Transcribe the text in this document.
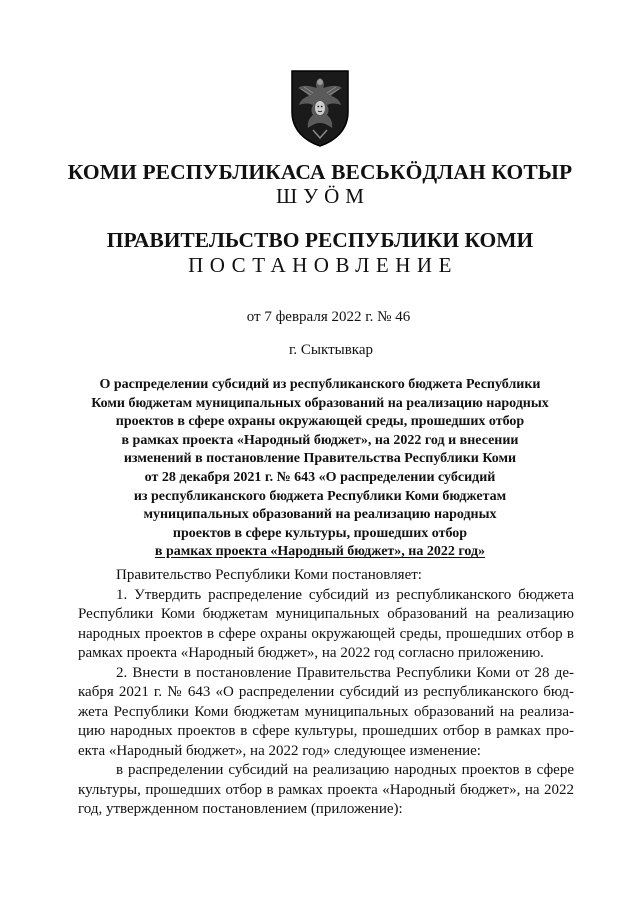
КОМИ РЕСПУБЛИКАСА ВЕСЬКÖДЛАН КОТЫР
ШУÖМ
ПРАВИТЕЛЬСТВО РЕСПУБЛИКИ КОМИ
ПОСТАНОВЛЕНИЕ
от 7 февраля 2022 г. № 46
г. Сыктывкар
О распределении субсидий из республиканского бюджета Республики
Коми бюджетам муниципальных образований на реализацию народных
проектов в сфере охраны окружающей среды, прошедших отбор
в рамках проекта «Народный бюджет», на 2022 год и внесении
изменений в постановление Правительства Республики Коми
от 28 декабря 2021 г. № 643 «О распределении субсидий
из республиканского бюджета Республики Коми бюджетам
муниципальных образований на реализацию народных
проектов в сфере культуры, прошедших отбор
в рамках проекта «Народный бюджет», на 2022 год»
Правительство Республики Коми постановляет:
1. Утвердить распределение субсидий из республиканского бюджета
Республики Коми бюджетам муниципальных образований на реализацию
народных проектов в сфере охраны окружающей среды, прошедших отбор в
рамках проекта «Народный бюджет», на 2022 год согласно приложению.
2. Внести в постановление Правительства Республики Коми от 28 де-
кабря 2021 г. № 643 «О распределении субсидий из республиканского бюд-
жета Республики Коми бюджетам муниципальных образований на реализа-
цию народных проектов в сфере культуры, прошедших отбор в рамках про-
екта «Народный бюджет», на 2022 год» следующее изменение:
в распределении субсидий на реализацию народных проектов в сфере
культуры, прошедших отбор в рамках проекта «Народный бюджет», на 2022
год, утвержденном постановлением (приложение):
